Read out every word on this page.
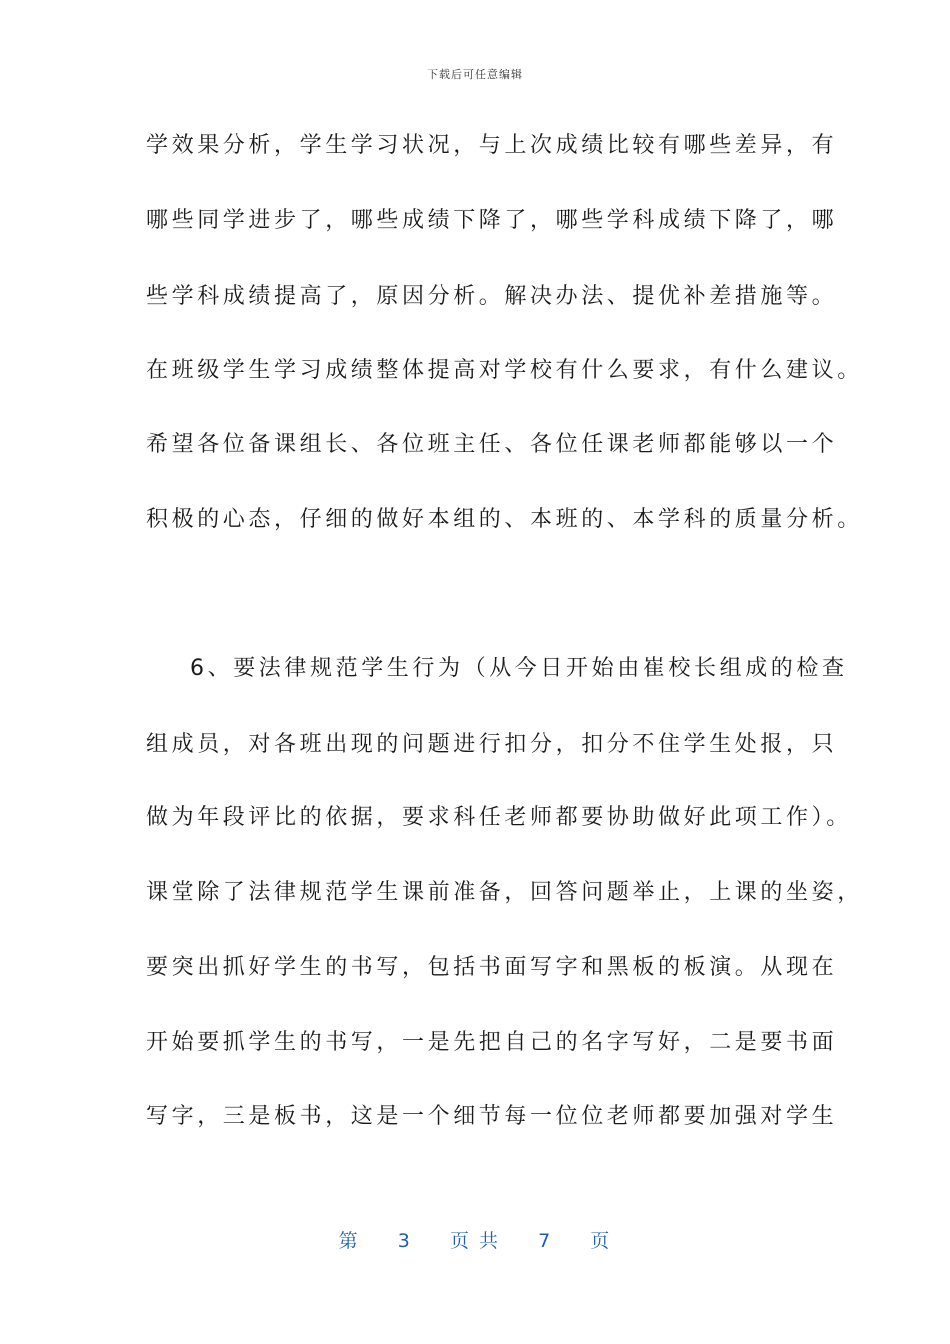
下载后可任意编辑
学效果分析，学生学习状况，与上次成绩比较有哪些差异，有
哪些同学进步了，哪些成绩下降了，哪些学科成绩下降了，哪
些学科成绩提高了，原因分析。解决办法、提优补差措施等。
在班级学生学习成绩整体提高对学校有什么要求，有什么建议。
希望各位备课组长、各位班主任、各位任课老师都能够以一个
积极的心态，仔细的做好本组的、本班的、本学科的质量分析。
6、要法律规范学生行为（从今日开始由崔校长组成的检查
组成员，对各班出现的问题进行扣分，扣分不住学生处报，只
做为年段评比的依据，要求科任老师都要协助做好此项工作）。
课堂除了法律规范学生课前准备，回答问题举止，上课的坐姿，
要突出抓好学生的书写，包括书面写字和黑板的板演。从现在
开始要抓学生的书写，一是先把自己的名字写好，二是要书面
写字，三是板书，这是一个细节每一位位老师都要加强对学生
第 3 页 共 7 页
